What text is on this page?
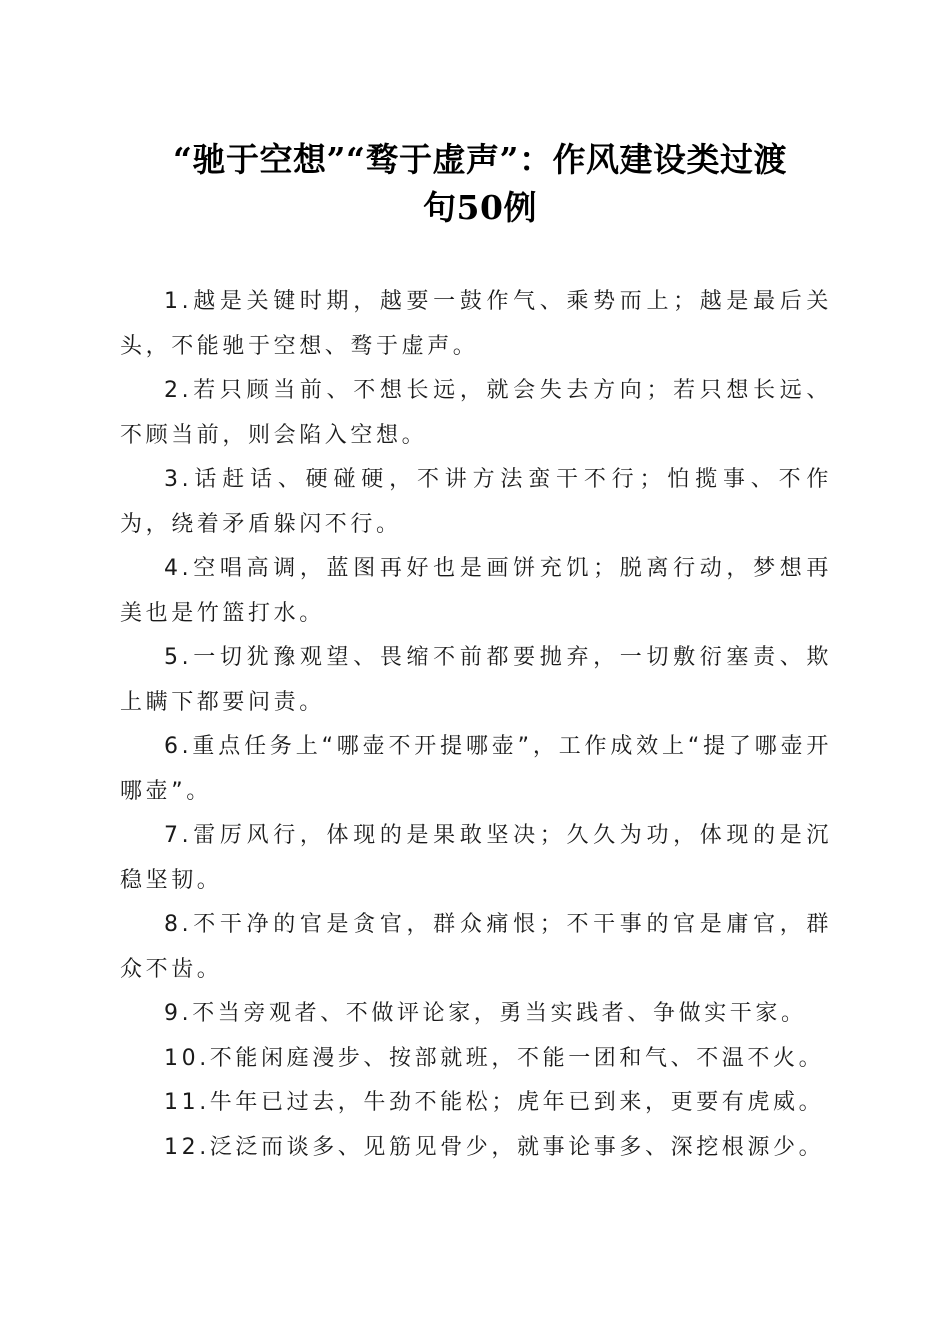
“驰于空想”“骛于虚声”：作风建设类过渡
句50例

1.越是关键时期，越要一鼓作气、乘势而上；越是最后关头，不能驰于空想、骛于虚声。

2.若只顾当前、不想长远，就会失去方向；若只想长远、不顾当前，则会陷入空想。

3.话赶话、硬碰硬，不讲方法蛮干不行；怕揽事、不作为，绕着矛盾躲闪不行。

4.空唱高调，蓝图再好也是画饼充饥；脱离行动，梦想再美也是竹篮打水。

5.一切犹豫观望、畏缩不前都要抛弃，一切敷衍塞责、欺上瞒下都要问责。

6.重点任务上“哪壶不开提哪壶”，工作成效上“提了哪壶开哪壶”。

7.雷厉风行，体现的是果敢坚决；久久为功，体现的是沉稳坚韧。

8.不干净的官是贪官，群众痛恨；不干事的官是庸官，群众不齿。

9.不当旁观者、不做评论家，勇当实践者、争做实干家。

10.不能闲庭漫步、按部就班，不能一团和气、不温不火。

11.牛年已过去，牛劲不能松；虎年已到来，更要有虎威。

12.泛泛而谈多、见筋见骨少，就事论事多、深挖根源少。
